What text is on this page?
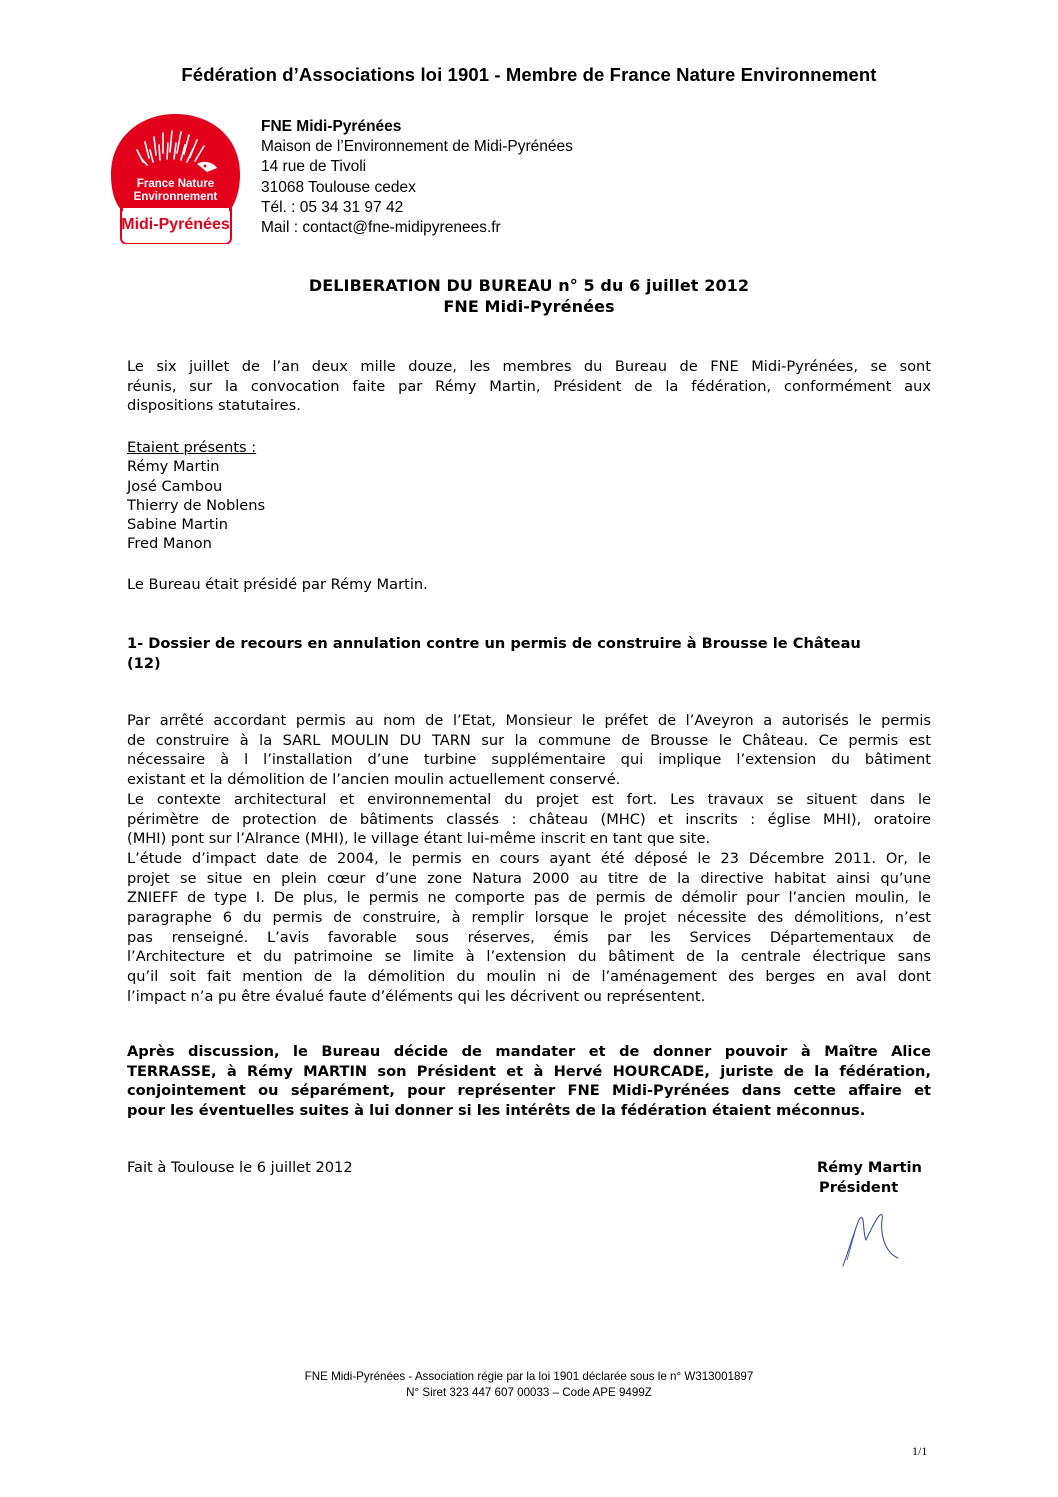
Fédération d’Associations loi 1901 - Membre de France Nature Environnement
France Nature
Environnement
Midi-Pyrénées
FNE Midi-Pyrénées
Maison de l’Environnement de Midi-Pyrénées
14 rue de Tivoli
31068 Toulouse cedex
Tél. : 05 34 31 97 42
Mail : contact@fne-midipyrenees.fr
DELIBERATION DU BUREAU n° 5 du 6 juillet 2012
FNE Midi-Pyrénées
Le six juillet de l’an deux mille douze, les membres du Bureau de FNE Midi-Pyrénées, se sont
réunis, sur la convocation faite par Rémy Martin, Président de la fédération, conformément aux
dispositions statutaires.
Etaient présents :
Rémy Martin
José Cambou
Thierry de Noblens
Sabine Martin
Fred Manon
Le Bureau était présidé par Rémy Martin.
1- Dossier de recours en annulation contre un permis de construire à Brousse le Château
(12)
Par arrêté accordant permis au nom de l’Etat, Monsieur le préfet de l’Aveyron a autorisés le permis
de construire à la SARL MOULIN DU TARN sur la commune de Brousse le Château. Ce permis est
nécessaire à l l’installation d’une turbine supplémentaire qui implique l’extension du bâtiment
existant et la démolition de l’ancien moulin actuellement conservé.
Le contexte architectural et environnemental du projet est fort. Les travaux se situent dans le
périmètre de protection de bâtiments classés : château (MHC) et inscrits : église MHI), oratoire
(MHI) pont sur l’Alrance (MHI), le village étant lui-même inscrit en tant que site.
L’étude d’impact date de 2004, le permis en cours ayant été déposé le 23 Décembre 2011. Or, le
projet se situe en plein cœur d’une zone Natura 2000 au titre de la directive habitat ainsi qu’une
ZNIEFF de type I. De plus, le permis ne comporte pas de permis de démolir pour l’ancien moulin, le
paragraphe 6 du permis de construire, à remplir lorsque le projet nécessite des démolitions, n’est
pas renseigné. L’avis favorable sous réserves, émis par les Services Départementaux de
l’Architecture et du patrimoine se limite à l’extension du bâtiment de la centrale électrique sans
qu’il soit fait mention de la démolition du moulin ni de l’aménagement des berges en aval dont
l’impact n’a pu être évalué faute d’éléments qui les décrivent ou représentent.
Après discussion, le Bureau décide de mandater et de donner pouvoir à Maître Alice
TERRASSE, à Rémy MARTIN son Président et à Hervé HOURCADE, juriste de la fédération,
conjointement ou séparément, pour représenter FNE Midi-Pyrénées dans cette affaire et
pour les éventuelles suites à lui donner si les intérêts de la fédération étaient méconnus.
Fait à Toulouse le 6 juillet 2012	Rémy Martin
Président
FNE Midi-Pyrénées - Association régie par la loi 1901 déclarée sous le n° W313001897
N° Siret 323 447 607 00033 – Code APE 9499Z
1/1
